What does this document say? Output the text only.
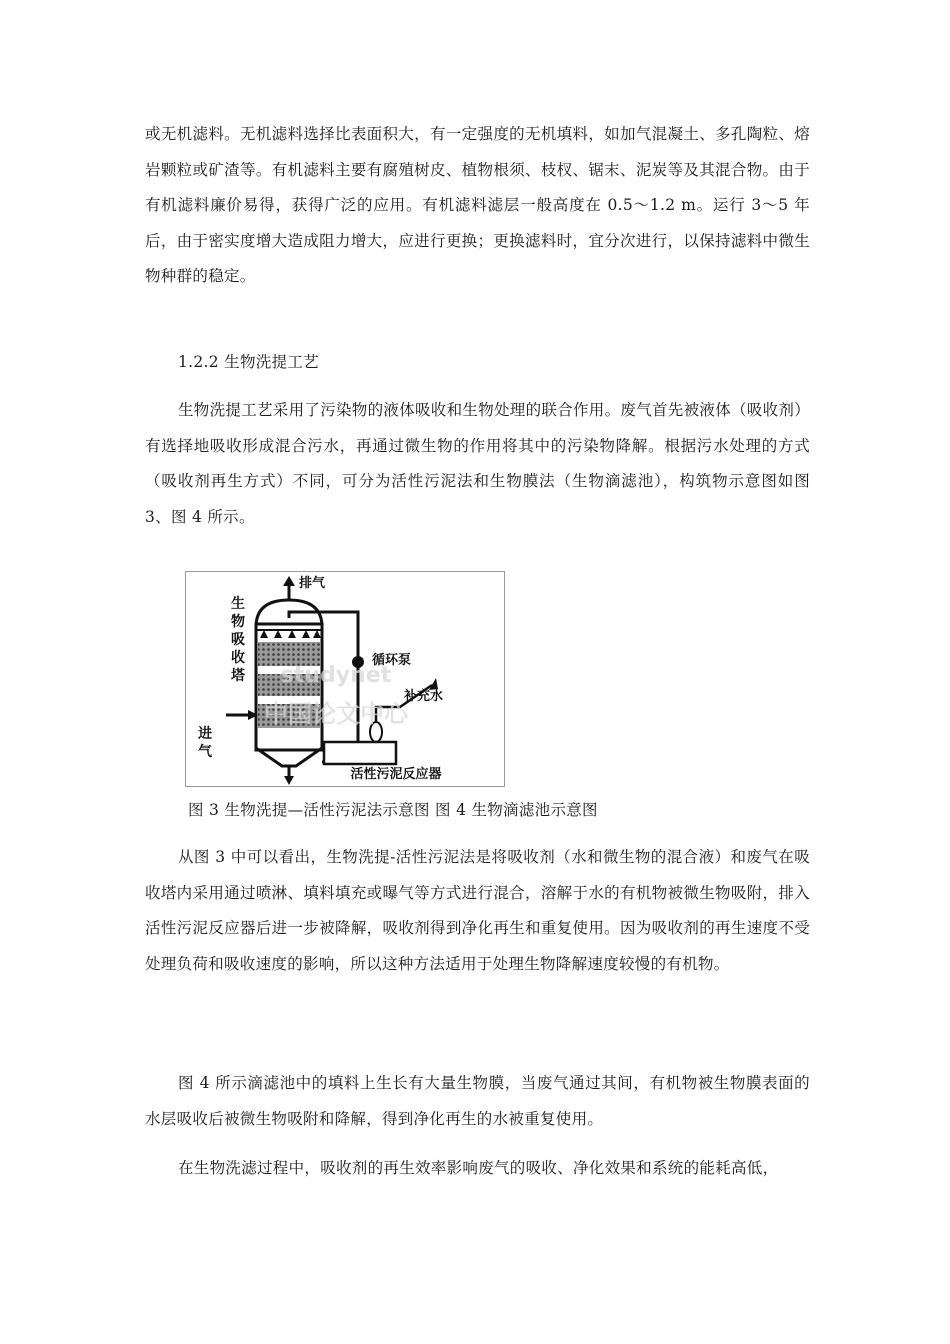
或无机滤料。无机滤料选择比表面积大，有一定强度的无机填料，如加气混凝土、多孔陶粒、熔岩颗粒或矿渣等。有机滤料主要有腐殖树皮、植物根须、枝杈、锯末、泥炭等及其混合物。由于有机滤料廉价易得，获得广泛的应用。有机滤料滤层一般高度在 0.5～1.2 m。运行 3～5 年后，由于密实度增大造成阻力增大，应进行更换；更换滤料时，宜分次进行，以保持滤料中微生物种群的稳定。

1.2.2 生物洗提工艺

生物洗提工艺采用了污染物的液体吸收和生物处理的联合作用。废气首先被液体（吸收剂）有选择地吸收形成混合污水，再通过微生物的作用将其中的污染物降解。根据污水处理的方式（吸收剂再生方式）不同，可分为活性污泥法和生物膜法（生物滴滤池），构筑物示意图如图 3、图 4 所示。

排气
生
物
吸
收
塔
进
气
循环泵
补充水
活性污泥反应器
studynet
中国论文中心

图 3 生物洗提—活性污泥法示意图 图 4 生物滴滤池示意图

从图 3 中可以看出，生物洗提-活性污泥法是将吸收剂（水和微生物的混合液）和废气在吸收塔内采用通过喷淋、填料填充或曝气等方式进行混合，溶解于水的有机物被微生物吸附，排入活性污泥反应器后进一步被降解，吸收剂得到净化再生和重复使用。因为吸收剂的再生速度不受处理负荷和吸收速度的影响，所以这种方法适用于处理生物降解速度较慢的有机物。

图 4 所示滴滤池中的填料上生长有大量生物膜，当废气通过其间，有机物被生物膜表面的水层吸收后被微生物吸附和降解，得到净化再生的水被重复使用。

在生物洗滤过程中，吸收剂的再生效率影响废气的吸收、净化效果和系统的能耗高低，
